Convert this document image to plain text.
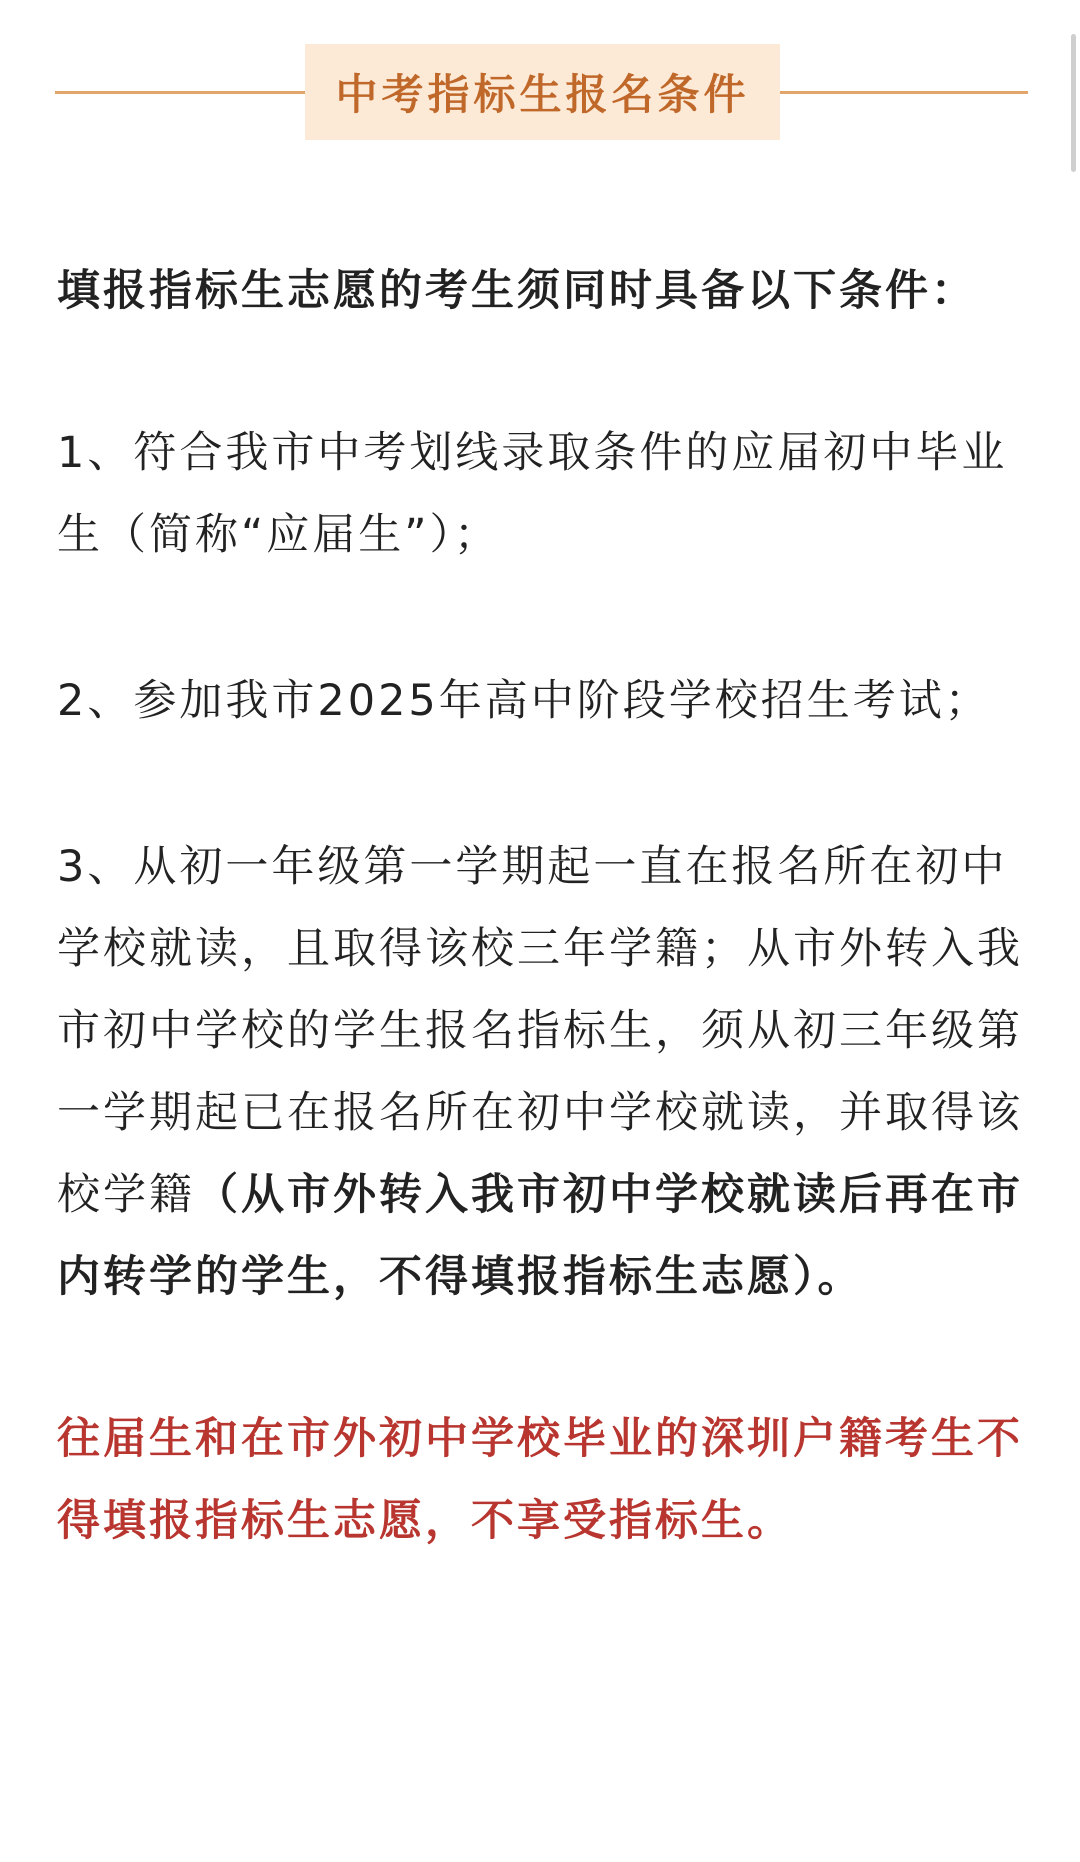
中考指标生报名条件

填报指标生志愿的考生须同时具备以下条件：

1、符合我市中考划线录取条件的应届初中毕业生（简称“应届生”）；

2、参加我市2025年高中阶段学校招生考试；

3、从初一年级第一学期起一直在报名所在初中学校就读，且取得该校三年学籍；从市外转入我市初中学校的学生报名指标生，须从初三年级第一学期起已在报名所在初中学校就读，并取得该校学籍（从市外转入我市初中学校就读后再在市内转学的学生，不得填报指标生志愿）。

往届生和在市外初中学校毕业的深圳户籍考生不得填报指标生志愿，不享受指标生。
